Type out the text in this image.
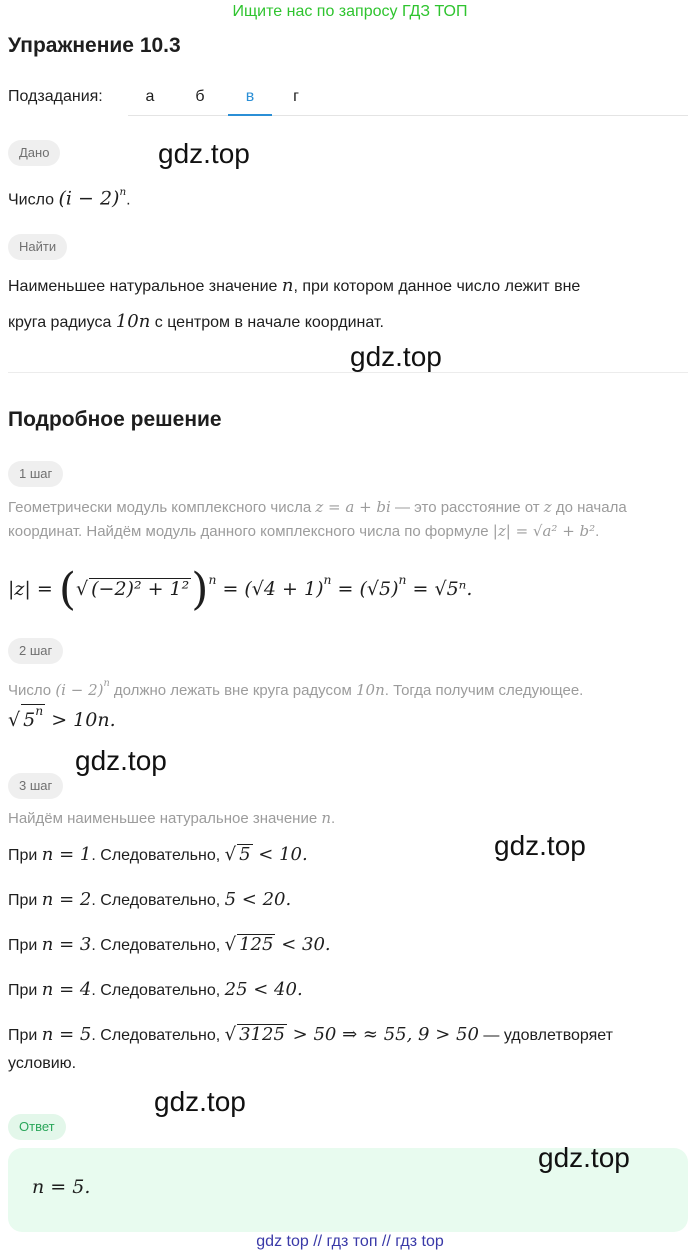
Ищите нас по запросу ГДЗ ТОП
Упражнение 10.3
Подзадания:	а	б	в	г
Дано
Число $(i - 2)^n$.
Найти
Наименьшее натуральное значение n, при котором данное число лежит вне
круга радиуса 10n с центром в начале координат.
Подробное решение
1 шаг
Геометрически модуль комплексного числа z = a + bi — это расстояние от z до начала
координат. Найдём модуль данного комплексного числа по формуле |z| = √a² + b².
|z| = (√ $(-2)^2 + 1^2)^n = (√4 + 1)^n = (√5)^n = √5^n$.
2 шаг
Число $(i - 2)^n$ должно лежать вне круга радусом 10n. Тогда получим следующее.
√ $5^n > 10n$.
3 шаг
Найдём наименьшее натуральное значение n.
При n = 1. Следовательно, √ 5 < 10.
При n = 2. Следовательно, 5 < 20.
При n = 3. Следовательно, √ 125 < 30.
При n = 4. Следовательно, 25 < 40.
При n = 5. Следовательно, √ 3125 > 50 ⇒ ≈ 55, 9 > 50 — удовлетворяет
условию.
Ответ
n = 5.
gdz.top
gdz.top
gdz.top
gdz.top
gdz.top
gdz.top
gdz top // гдз топ // гдз top
